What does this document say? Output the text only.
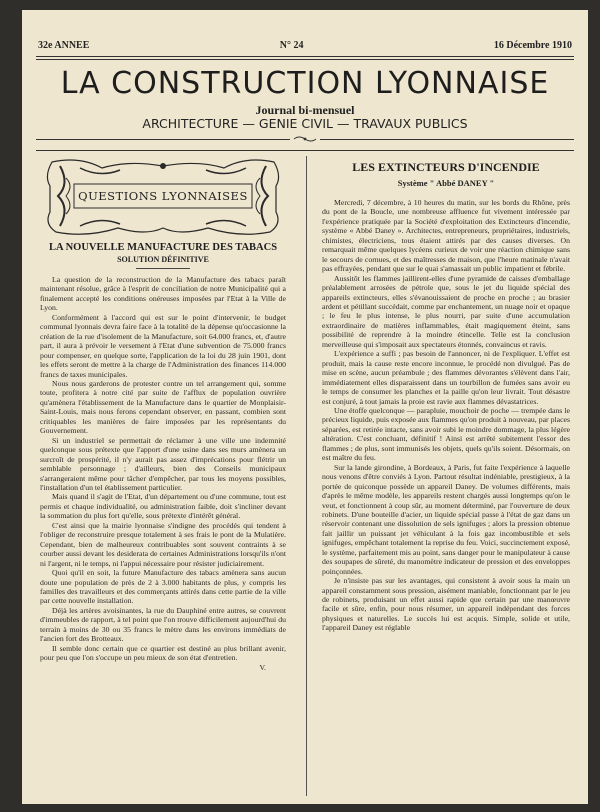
32e ANNEE	N° 24	16 Décembre 1910
LA CONSTRUCTION LYONNAISE
Journal bi-mensuel
ARCHITECTURE — GENIE CIVIL — TRAVAUX PUBLICS
QUESTIONS LYONNAISES
LA NOUVELLE MANUFACTURE DES TABACS
SOLUTION DÉFINITIVE

La question de la reconstruction de la Manufacture des tabacs paraît maintenant résolue, grâce à l'esprit de conciliation de notre Municipalité qui a finalement accepté les conditions onéreuses imposées par l'Etat à la Ville de Lyon.

Conformément à l'accord qui est sur le point d'intervenir, le budget communal lyonnais devra faire face à la totalité de la dépense qu'occasionne la création de la rue d'isolement de la Manufacture, soit 64.000 francs, et, d'autre part, il aura à prévoir le versement à l'Etat d'une subvention de 75.000 francs pour compenser, en quelque sorte, l'application de la loi du 28 juin 1901, dont les effets seront de mettre à la charge de l'Administration des finances 114.000 francs de taxes municipales.

Nous nous garderons de protester contre un tel arrangement qui, somme toute, profitera à notre cité par suite de l'afflux de population ouvrière qu'amènera l'établissement de la Manufacture dans le quartier de Monplaisir-Saint-Louis, mais nous ferons cependant observer, en passant, combien sont critiquables les manières de faire imposées par les représentants du Gouvernement.

Si un industriel se permettait de réclamer à une ville une indemnité quelconque sous prétexte que l'apport d'une usine dans ses murs amènera un surcroît de prospérité, il n'y aurait pas assez d'imprécations pour flétrir un semblable personnage ; d'ailleurs, bien des Conseils municipaux s'arrangeraient même pour tâcher d'empêcher, par tous les moyens possibles, l'installation d'un tel établissement particulier.

Mais quand il s'agit de l'Etat, d'un département ou d'une commune, tout est permis et chaque individualité, ou administration faible, doit s'incliner devant la sommation du plus fort qu'elle, sous prétexte d'intérêt général.

C'est ainsi que la mairie lyonnaise s'indigne des procédés qui tendent à l'obliger de reconstruire presque totalement à ses frais le pont de la Mulatière. Cependant, bien de malheureux contribuables sont souvent contraints à se courber aussi devant les desiderata de certaines Administrations lorsqu'ils n'ont ni l'argent, ni le temps, ni l'appui nécessaire pour résister judiciairement.

Quoi qu'il en soit, la future Manufacture des tabacs amènera sans aucun doute une population de près de 2 à 3.000 habitants de plus, y compris les familles des travailleurs et des commerçants attirés dans cette partie de la ville par cette nouvelle installation.

Déjà les artères avoisinantes, la rue du Dauphiné entre autres, se couvrent d'immeubles de rapport, à tel point que l'on trouve difficilement aujourd'hui du terrain à moins de 30 ou 35 francs le mètre dans les environs immédiats de l'ancien fort des Brotteaux.

Il semble donc certain que ce quartier est destiné au plus brillant avenir, pour peu que l'on s'occupe un peu mieux de son état d'entretien.

V.

LES EXTINCTEURS D'INCENDIE
Système " Abbé DANEY "

Mercredi, 7 décembre, à 10 heures du matin, sur les bords du Rhône, près du pont de la Boucle, une nombreuse affluence fut vivement intéressée par l'expérience pratiquée par la Société d'exploitation des Extincteurs d'incendie, système « Abbé Daney ». Architectes, entrepreneurs, propriétaires, industriels, chimistes, électriciens, tous étaient attirés par des causes diverses. On remarquait même quelques lycéens curieux de voir une réaction chimique sans le secours de cornues, et des maîtresses de maison, que l'heure matinale n'avait pas effrayées, pendant que sur le quai s'amassait un public impatient et fébrile.

Aussitôt les flammes jaillirent-elles d'une pyramide de caisses d'emballage préalablement arrosées de pétrole que, sous le jet du liquide spécial des appareils extincteurs, elles s'évanouissaient de proche en proche ; au brasier ardent et pétillant succédait, comme par enchantement, un nuage noir et opaque ; le feu le plus intense, le plus nourri, par suite d'une accumulation extraordinaire de matières inflammables, était magiquement éteint, sans possibilité de reprendre à la moindre étincelle. Telle est la conclusion merveilleuse qui s'imposait aux spectateurs étonnés, convaincus et ravis.

L'expérience a suffi ; pas besoin de l'annoncer, ni de l'expliquer. L'effet est produit, mais la cause reste encore inconnue, le procédé non divulgué. Pas de mise en scène, aucun préambule ; des flammes dévorantes s'élèvent dans l'air, immédiatement elles disparaissent dans un tourbillon de fumées sans avoir eu le temps de consumer les planches et la paille qu'on leur livrait. Tout désastre est conjuré, à tout jamais la proie est ravie aux flammes dévastatrices.

Une étoffe quelconque — parapluie, mouchoir de poche — trempée dans le précieux liquide, puis exposée aux flammes qu'on produit à nouveau, par places séparées, est retirée intacte, sans avoir subi le moindre dommage, la plus légère altération. C'est concluant, définitif ! Ainsi est arrêté subitement l'essor des flammes ; de plus, sont immunisés les objets, quels qu'ils soient. Désormais, on est maître du feu.

Sur la lande girondine, à Bordeaux, à Paris, fut faite l'expérience à laquelle nous venons d'être conviés à Lyon. Partout résultat indéniable, prestigieux, à la portée de quiconque possède un appareil Daney. De volumes différents, mais d'après le même modèle, les appareils restent chargés aussi longtemps qu'on le veut, et fonctionnent à coup sûr, au moment déterminé, par l'ouverture de deux robinets. D'une bouteille d'acier, un liquide spécial passe à l'état de gaz dans un réservoir contenant une dissolution de sels ignifuges ; alors la pression obtenue fait jaillir un puissant jet véhiculant à la fois gaz incombustible et sels ignifuges, empêchant totalement la reprise du feu. Voici, succinctement exposé, le système, parfaitement mis au point, sans danger pour le manipulateur à cause des soupapes de sûreté, du manomètre indicateur de pression et des enveloppes poinçonnées.

Je n'insiste pas sur les avantages, qui consistent à avoir sous la main un appareil constamment sous pression, aisément maniable, fonctionnant par le jeu de robinets, produisant un effet aussi rapide que certain par une manœuvre facile et sûre, enfin, pour nous résumer, un appareil indépendant des forces physiques et naturelles. Le succès lui est acquis. Simple, solide et utile, l'appareil Daney est réglable
